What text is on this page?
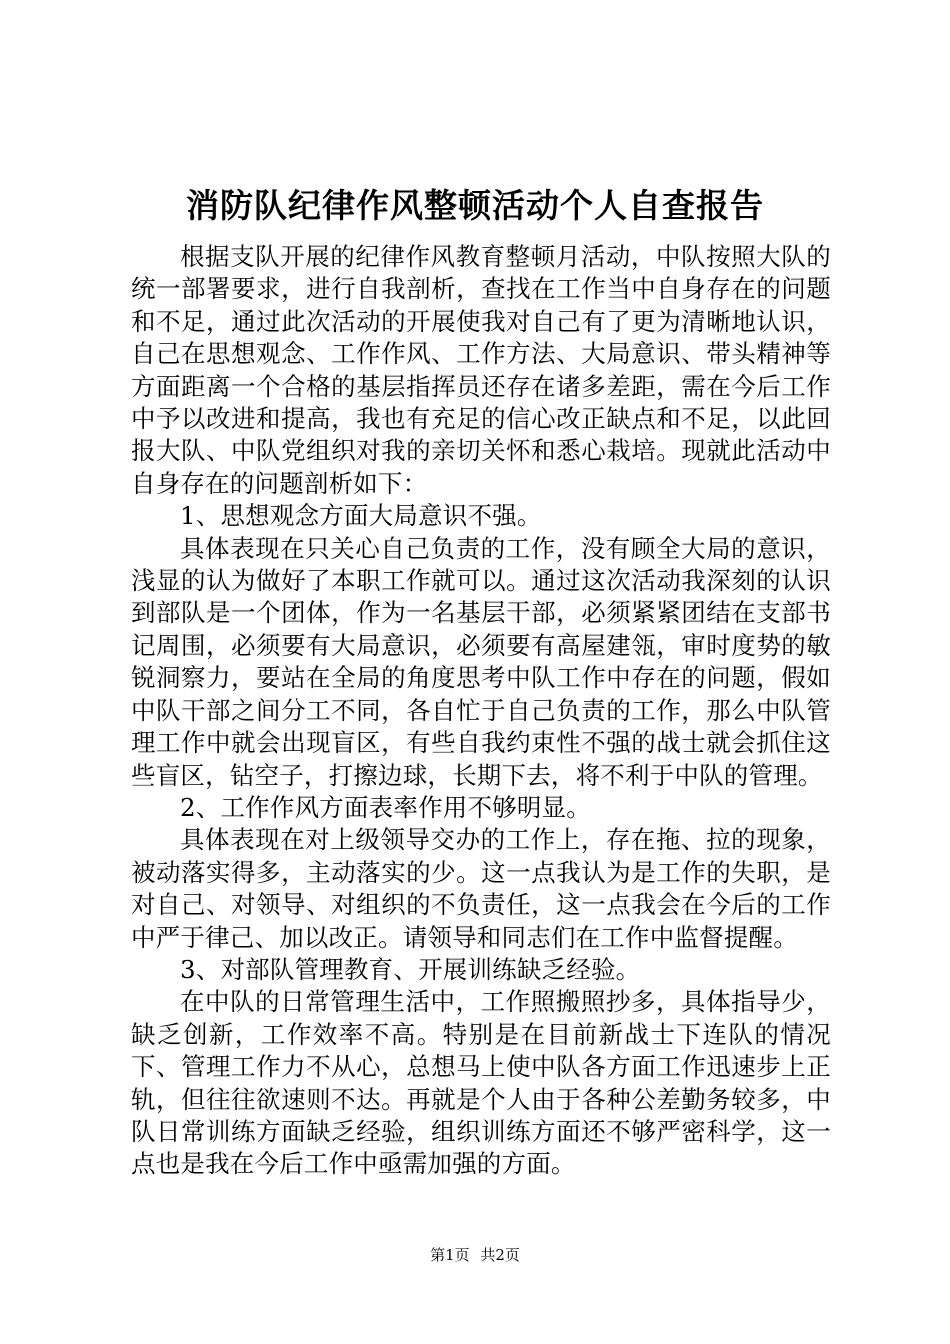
消防队纪律作风整顿活动个人自查报告

根据支队开展的纪律作风教育整顿月活动，中队按照大队的统一部署要求，进行自我剖析，查找在工作当中自身存在的问题和不足，通过此次活动的开展使我对自己有了更为清晰地认识，自己在思想观念、工作作风、工作方法、大局意识、带头精神等方面距离一个合格的基层指挥员还存在诸多差距，需在今后工作中予以改进和提高，我也有充足的信心改正缺点和不足，以此回报大队、中队党组织对我的亲切关怀和悉心栽培。现就此活动中自身存在的问题剖析如下：

1、思想观念方面大局意识不强。

具体表现在只关心自己负责的工作，没有顾全大局的意识，浅显的认为做好了本职工作就可以。通过这次活动我深刻的认识到部队是一个团体，作为一名基层干部，必须紧紧团结在支部书记周围，必须要有大局意识，必须要有高屋建瓴，审时度势的敏锐洞察力，要站在全局的角度思考中队工作中存在的问题，假如中队干部之间分工不同，各自忙于自己负责的工作，那么中队管理工作中就会出现盲区，有些自我约束性不强的战士就会抓住这些盲区，钻空子，打擦边球，长期下去，将不利于中队的管理。

2、工作作风方面表率作用不够明显。

具体表现在对上级领导交办的工作上，存在拖、拉的现象，被动落实得多，主动落实的少。这一点我认为是工作的失职，是对自己、对领导、对组织的不负责任，这一点我会在今后的工作中严于律己、加以改正。请领导和同志们在工作中监督提醒。

3、对部队管理教育、开展训练缺乏经验。

在中队的日常管理生活中，工作照搬照抄多，具体指导少，缺乏创新，工作效率不高。特别是在目前新战士下连队的情况下、管理工作力不从心，总想马上使中队各方面工作迅速步上正轨，但往往欲速则不达。再就是个人由于各种公差勤务较多，中队日常训练方面缺乏经验，组织训练方面还不够严密科学，这一点也是我在今后工作中亟需加强的方面。

第1页 共2页
